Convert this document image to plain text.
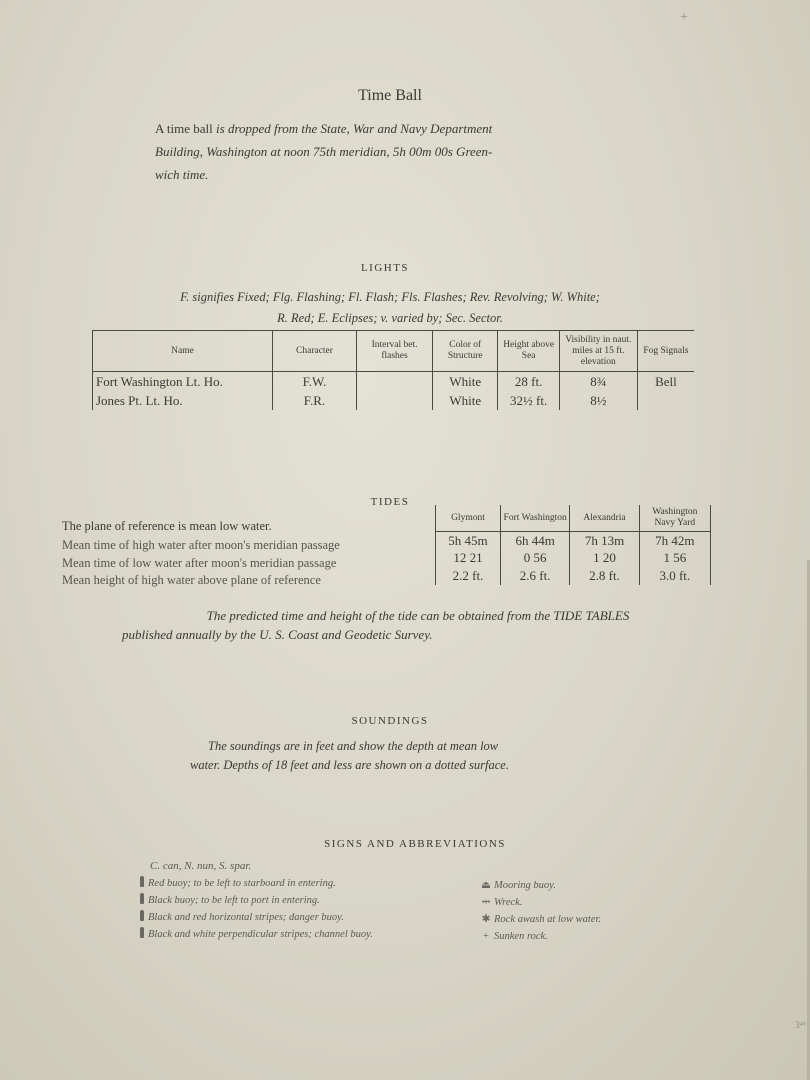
+
Time Ball
A time ball is dropped from the State, War and Navy Department
Building, Washington at noon 75th meridian, 5h 00m 00s Green-
wich time.
LIGHTS
F. signifies Fixed; Flg. Flashing; Fl. Flash; Fls. Flashes; Rev. Revolving; W. White;
R. Red; E. Eclipses; v. varied by; Sec. Sector.
Name	Character	Interval bet. flashes	Color of Structure	Height above Sea	Visibility in naut. miles at 15 ft. elevation	Fog Signals
Fort Washington Lt. Ho.	F.W.		White	28 ft.	8¾	Bell
Jones Pt. Lt. Ho.	F.R.		White	32½ ft.	8½	
TIDES
The plane of reference is mean low water.
Mean time of high water after moon's meridian passage
Mean time of low water after moon's meridian passage
Mean height of high water above plane of reference
Glymont	Fort Washington	Alexandria	Washington Navy Yard
5h 45m	6h 44m	7h 13m	7h 42m
12 21	0 56	1 20	1 56
2.2 ft.	2.6 ft.	2.8 ft.	3.0 ft.
The predicted time and height of the tide can be obtained from the TIDE TABLES
published annually by the U. S. Coast and Geodetic Survey.
SOUNDINGS
The soundings are in feet and show the depth at mean low
water. Depths of 18 feet and less are shown on a dotted surface.
SIGNS AND ABBREVIATIONS
C. can, N. nun, S. spar.
Red buoy; to be left to starboard in entering.
Black buoy; to be left to port in entering.
Black and red horizontal stripes; danger buoy.
Black and white perpendicular stripes; channel buoy.
⏏ Mooring buoy.
⇹ Wreck.
✱ Rock awash at low water.
+ Sunken rock.
3⁴⁵
